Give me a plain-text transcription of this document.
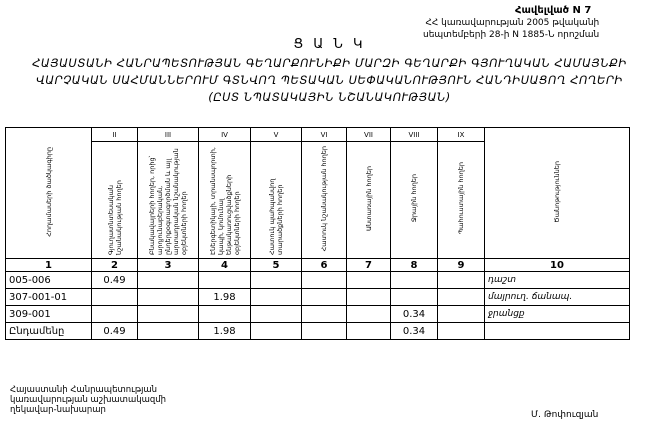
Հավելված N 7
ՀՀ կառավարության 2005 թվականի
սեպտեմբերի 28-ի N 1885-Ն որոշման
Ց Ա Ն Կ
ՀԱՅԱՍՏԱՆԻ ՀԱՆՐԱՊԵՏՈՒԹՅԱՆ ԳԵՂԱՐՔՈՒՆԻՔԻ ՄԱՐԶԻ ԳԵՂԱՐՔԻ ԳՅՈՒՂԱԿԱՆ ՀԱՄԱՅՆՔԻ
ՎԱՐՉԱԿԱՆ ՍԱՀՄԱՆՆԵՐՈՒՄ ԳՏՆՎՈՂ ՊԵՏԱԿԱՆ ՍԵՓԱԿԱՆՈՒԹՅՈՒՆ ՀԱՆԴԻՍԱՑՈՂ ՀՈՂԵՐԻ
(ԸՍՏ ՆՊԱՏԱԿԱՅԻՆ ՆՇԱՆԱԿՈՒԹՅԱՆ)
Հողամասերի ծածկագիրը	II	III	IV	V	VI	VII	VIII	IX	Ծանոթություններ
	Գյուղատնտեսական նշանակության հողեր	Բնակավայրերի հողեր, որից՝ արդյունաբերական, ընդերքօգտագործման և այլ արտադրական նշանակության օբյեկտների հողեր	Էներգետիկայի, տրանսպորտի, կապի, կոմունալ ենթակառուցվածքների օբյեկտների հողեր	Հատուկ պահպանվող տարածքների հողեր	Հատուկ նշանակության հողեր	Անտառային հողեր	Ջրային հողեր	Պահուստային հողեր	
1	2	3	4	5	6	7	8	9	10
005-006	0.49								դաշտ
307-001-01			1.98						մայրուղ. ճանապ.
309-001							0.34		ջրանցք
Ընդամենը	0.49		1.98				0.34		
Հայաստանի Հանրապետության կառավարության աշխատակազմի ղեկավար-նախարար	Մ. Թոփուզյան
